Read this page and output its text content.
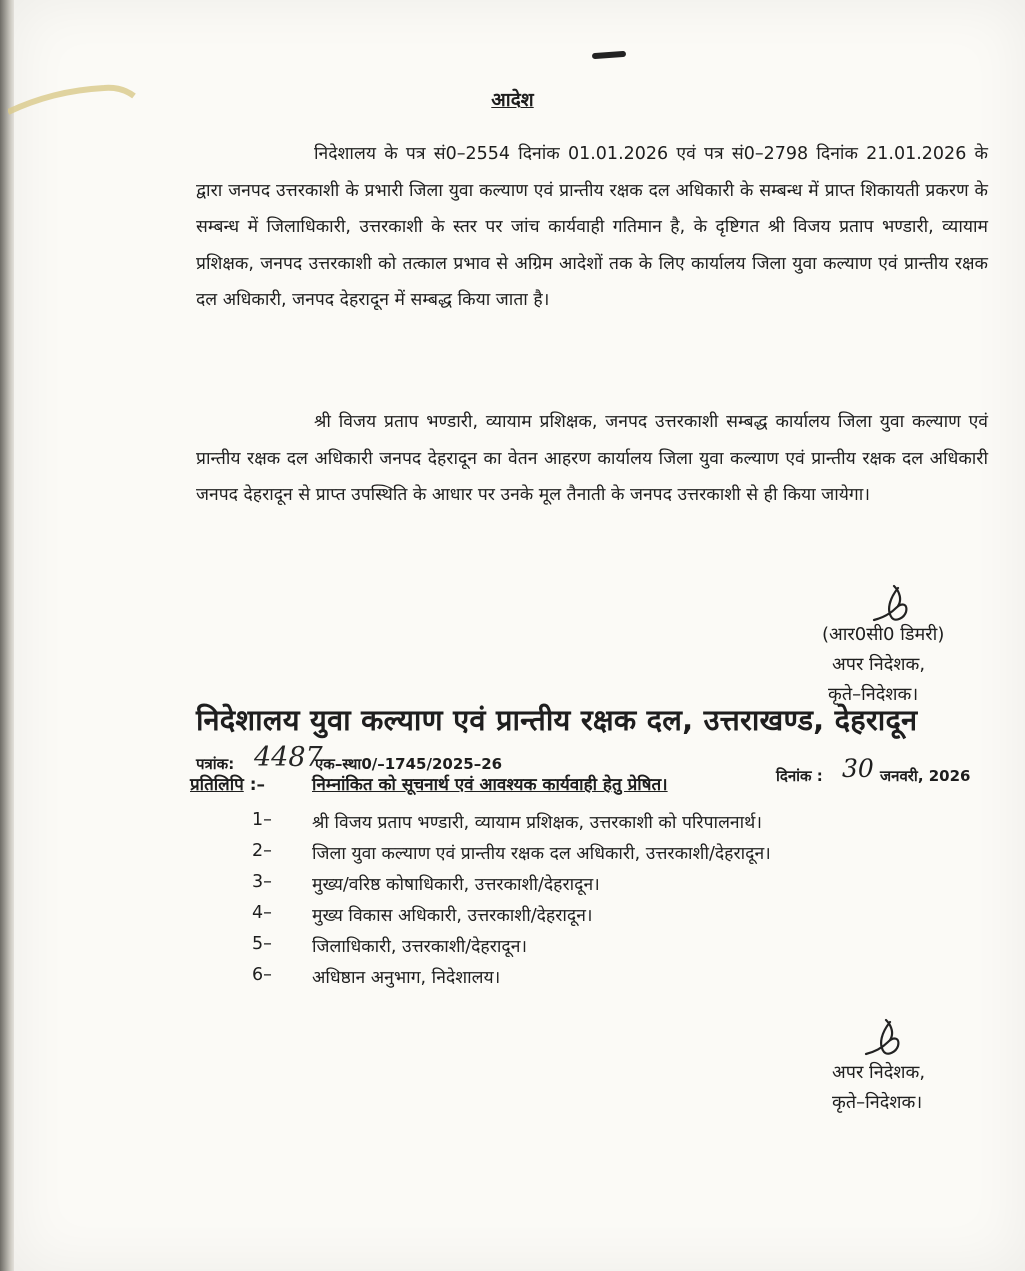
आदेश

निदेशालय के पत्र सं0–2554 दिनांक 01.01.2026 एवं पत्र सं0–2798 दिनांक 21.01.2026 के द्वारा जनपद उत्तरकाशी के प्रभारी जिला युवा कल्याण एवं प्रान्तीय रक्षक दल अधिकारी के सम्बन्ध में प्राप्त शिकायती प्रकरण के सम्बन्ध में जिलाधिकारी, उत्तरकाशी के स्तर पर जांच कार्यवाही गतिमान है, के दृष्टिगत श्री विजय प्रताप भण्डारी, व्यायाम प्रशिक्षक, जनपद उत्तरकाशी को तत्काल प्रभाव से अग्रिम आदेशों तक के लिए कार्यालय जिला युवा कल्याण एवं प्रान्तीय रक्षक दल अधिकारी, जनपद देहरादून में सम्बद्ध किया जाता है।

श्री विजय प्रताप भण्डारी, व्यायाम प्रशिक्षक, जनपद उत्तरकाशी सम्बद्ध कार्यालय जिला युवा कल्याण एवं प्रान्तीय रक्षक दल अधिकारी जनपद देहरादून का वेतन आहरण कार्यालय जिला युवा कल्याण एवं प्रान्तीय रक्षक दल अधिकारी जनपद देहरादून से प्राप्त उपस्थिति के आधार पर उनके मूल तैनाती के जनपद उत्तरकाशी से ही किया जायेगा।

(आर0सी0 डिमरी)
अपर निदेशक,
कृते–निदेशक।
निदेशालय युवा कल्याण एवं प्रान्तीय रक्षक दल, उत्तराखण्ड, देहरादून
पत्रांक: 4487
एक–स्था0/–1745/2025–26
दिनांक : 30 जनवरी, 2026
प्रतिलिपि :–	निम्नांकित को सूचनार्थ एवं आवश्यक कार्यवाही हेतु प्रेषित।
1– श्री विजय प्रताप भण्डारी, व्यायाम प्रशिक्षक, उत्तरकाशी को परिपालनार्थ।
2– जिला युवा कल्याण एवं प्रान्तीय रक्षक दल अधिकारी, उत्तरकाशी/देहरादून।
3– मुख्य/वरिष्ठ कोषाधिकारी, उत्तरकाशी/देहरादून।
4– मुख्य विकास अधिकारी, उत्तरकाशी/देहरादून।
5– जिलाधिकारी, उत्तरकाशी/देहरादून।
6– अधिष्ठान अनुभाग, निदेशालय।
अपर निदेशक,
कृते–निदेशक।
